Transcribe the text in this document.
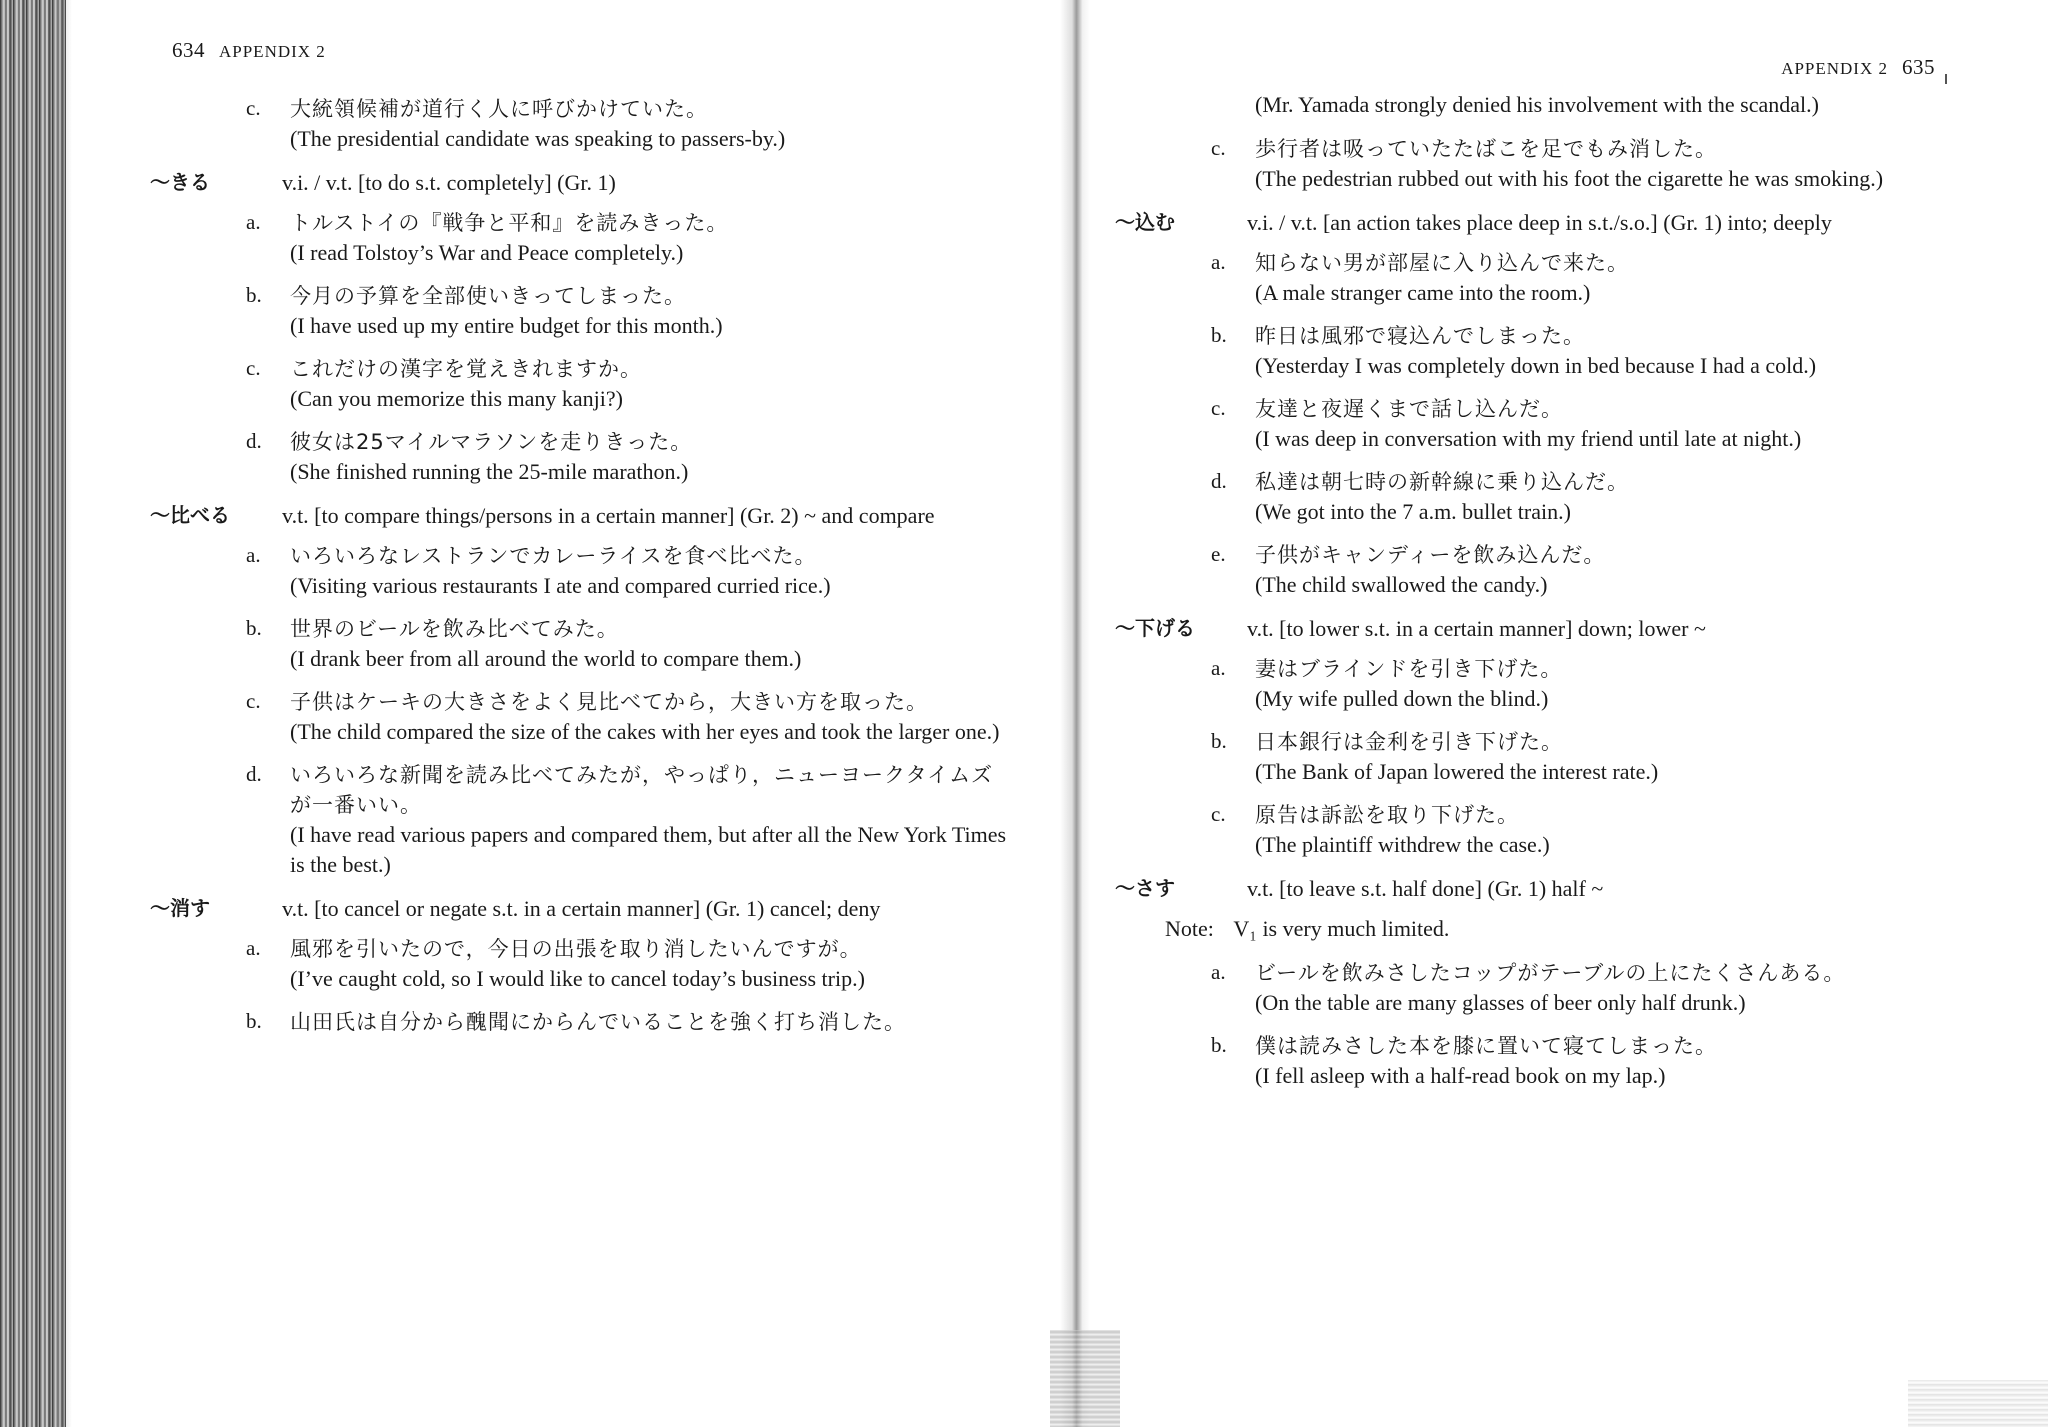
634 APPENDIX 2
c. 大統領候補が道行く人に呼びかけていた。
(The presidential candidate was speaking to passers-by.)
～きる	v.i. / v.t. [to do s.t. completely] (Gr. 1)
a. トルストイの『戦争と平和』を読みきった。
(I read Tolstoy’s War and Peace completely.)
b. 今月の予算を全部使いきってしまった。
(I have used up my entire budget for this month.)
c. これだけの漢字を覚えきれますか。
(Can you memorize this many kanji?)
d. 彼女は25マイルマラソンを走りきった。
(She finished running the 25-mile marathon.)
～比べる v.t. [to compare things/persons in a certain manner] (Gr. 2) ~ and compare
a. いろいろなレストランでカレーライスを食べ比べた。
(Visiting various restaurants I ate and compared curried rice.)
b. 世界のビールを飲み比べてみた。
(I drank beer from all around the world to compare them.)
c. 子供はケーキの大きさをよく見比べてから，大きい方を取った。
(The child compared the size of the cakes with her eyes and took the larger one.)
d. いろいろな新聞を読み比べてみたが，やっぱり，ニューヨークタイムズが一番いい。
(I have read various papers and compared them, but after all the New York Times is the best.)
～消す	v.t. [to cancel or negate s.t. in a certain manner] (Gr. 1) cancel; deny
a. 風邪を引いたので，今日の出張を取り消したいんですが。
(I’ve caught cold, so I would like to cancel today’s business trip.)
b. 山田氏は自分から醜聞にからんでいることを強く打ち消した。
APPENDIX 2 635
(Mr. Yamada strongly denied his involvement with the scandal.)
c. 歩行者は吸っていたたばこを足でもみ消した。
(The pedestrian rubbed out with his foot the cigarette he was smoking.)
～込む	v.i. / v.t. [an action takes place deep in s.t./s.o.] (Gr. 1) into; deeply
a. 知らない男が部屋に入り込んで来た。
(A male stranger came into the room.)
b. 昨日は風邪で寝込んでしまった。
(Yesterday I was completely down in bed because I had a cold.)
c. 友達と夜遅くまで話し込んだ。
(I was deep in conversation with my friend until late at night.)
d. 私達は朝七時の新幹線に乗り込んだ。
(We got into the 7 a.m. bullet train.)
e. 子供がキャンディーを飲み込んだ。
(The child swallowed the candy.)
～下げる v.t. [to lower s.t. in a certain manner] down; lower ~
a. 妻はブラインドを引き下げた。
(My wife pulled down the blind.)
b. 日本銀行は金利を引き下げた。
(The Bank of Japan lowered the interest rate.)
c. 原告は訴訟を取り下げた。
(The plaintiff withdrew the case.)
～さす	v.t. [to leave s.t. half done] (Gr. 1) half ~
Note: V₁ is very much limited.
a. ビールを飲みさしたコップがテーブルの上にたくさんある。
(On the table are many glasses of beer only half drunk.)
b. 僕は読みさした本を膝に置いて寝てしまった。
(I fell asleep with a half-read book on my lap.)
